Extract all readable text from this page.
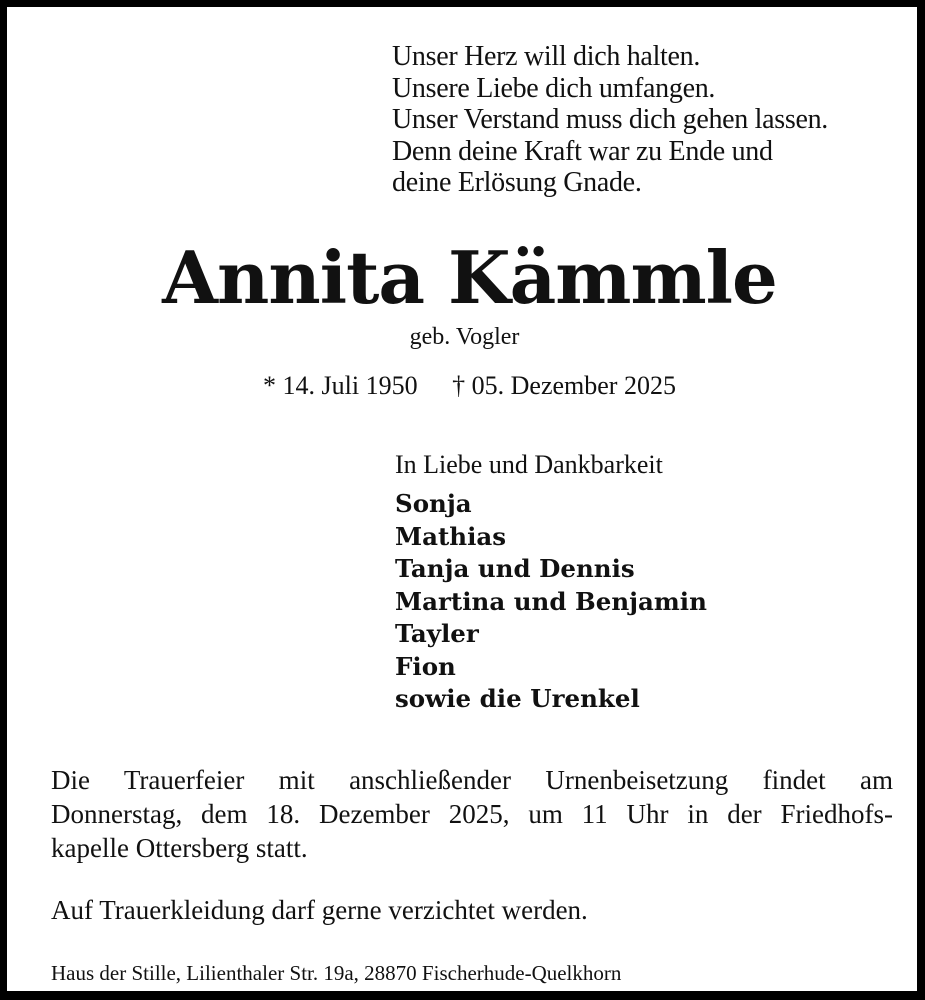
Unser Herz will dich halten.
Unsere Liebe dich umfangen.
Unser Verstand muss dich gehen lassen.
Denn deine Kraft war zu Ende und
deine Erlösung Gnade.
Annita Kämmle
geb. Vogler
* 14. Juli 1950 † 05. Dezember 2025
In Liebe und Dankbarkeit
Sonja
Mathias
Tanja und Dennis
Martina und Benjamin
Tayler
Fion
sowie die Urenkel
Die Trauerfeier mit anschließender Urnenbeisetzung findet am
Donnerstag, dem 18. Dezember 2025, um 11 Uhr in der Friedhofs-
kapelle Ottersberg statt.
Auf Trauerkleidung darf gerne verzichtet werden.
Haus der Stille, Lilienthaler Str. 19a, 28870 Fischerhude-Quelkhorn
